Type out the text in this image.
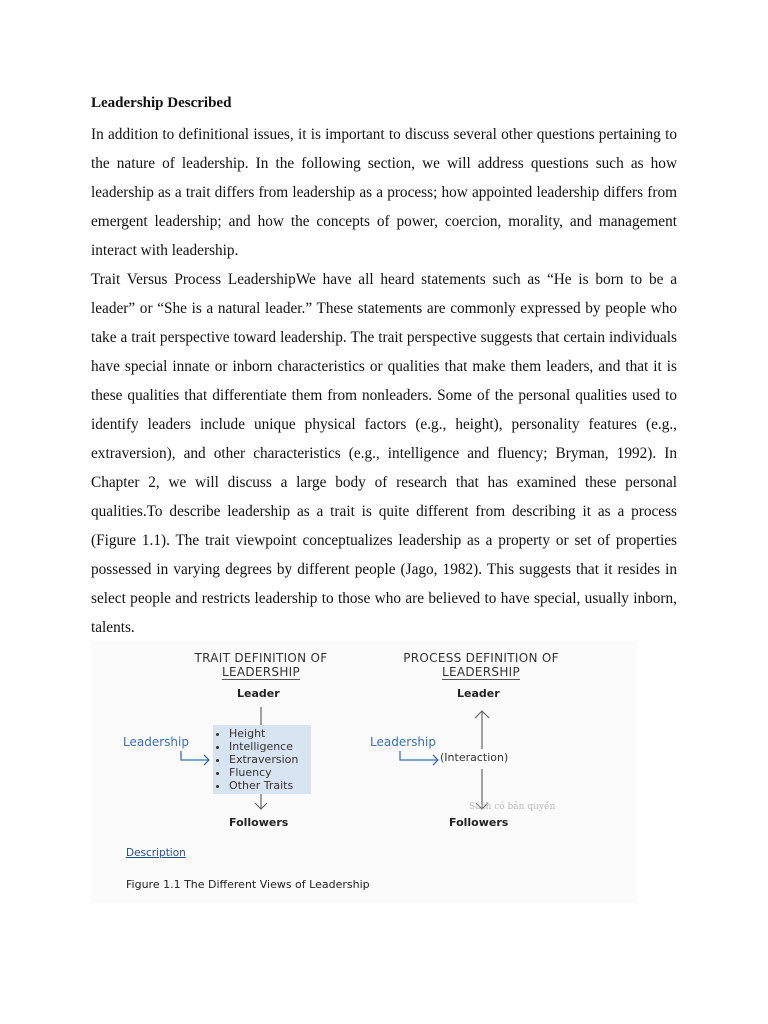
Leadership Described

In addition to definitional issues, it is important to discuss several other questions pertaining to the nature of leadership. In the following section, we will address questions such as how leadership as a trait differs from leadership as a process; how appointed leadership differs from emergent leadership; and how the concepts of power, coercion, morality, and management interact with leadership.

Trait Versus Process LeadershipWe have all heard statements such as “He is born to be a leader” or “She is a natural leader.” These statements are commonly expressed by people who take a trait perspective toward leadership. The trait perspective suggests that certain individuals have special innate or inborn characteristics or qualities that make them leaders, and that it is these qualities that differentiate them from nonleaders. Some of the personal qualities used to identify leaders include unique physical factors (e.g., height), personality features (e.g., extraversion), and other characteristics (e.g., intelligence and fluency; Bryman, 1992). In Chapter 2, we will discuss a large body of research that has examined these personal qualities.To describe leadership as a trait is quite different from describing it as a process (Figure 1.1). The trait viewpoint conceptualizes leadership as a property or set of properties possessed in varying degrees by different people (Jago, 1982). This suggests that it resides in select people and restricts leadership to those who are believed to have special, usually inborn, talents.

TRAIT DEFINITION OF
LEADERSHIP
Leader
Leadership
• Height
• Intelligence
• Extraversion
• Fluency
• Other Traits
Followers
PROCESS DEFINITION OF
LEADERSHIP
Leader
Leadership
(Interaction)
Sách có bản quyền
Followers
Description
Figure 1.1 The Different Views of Leadership
